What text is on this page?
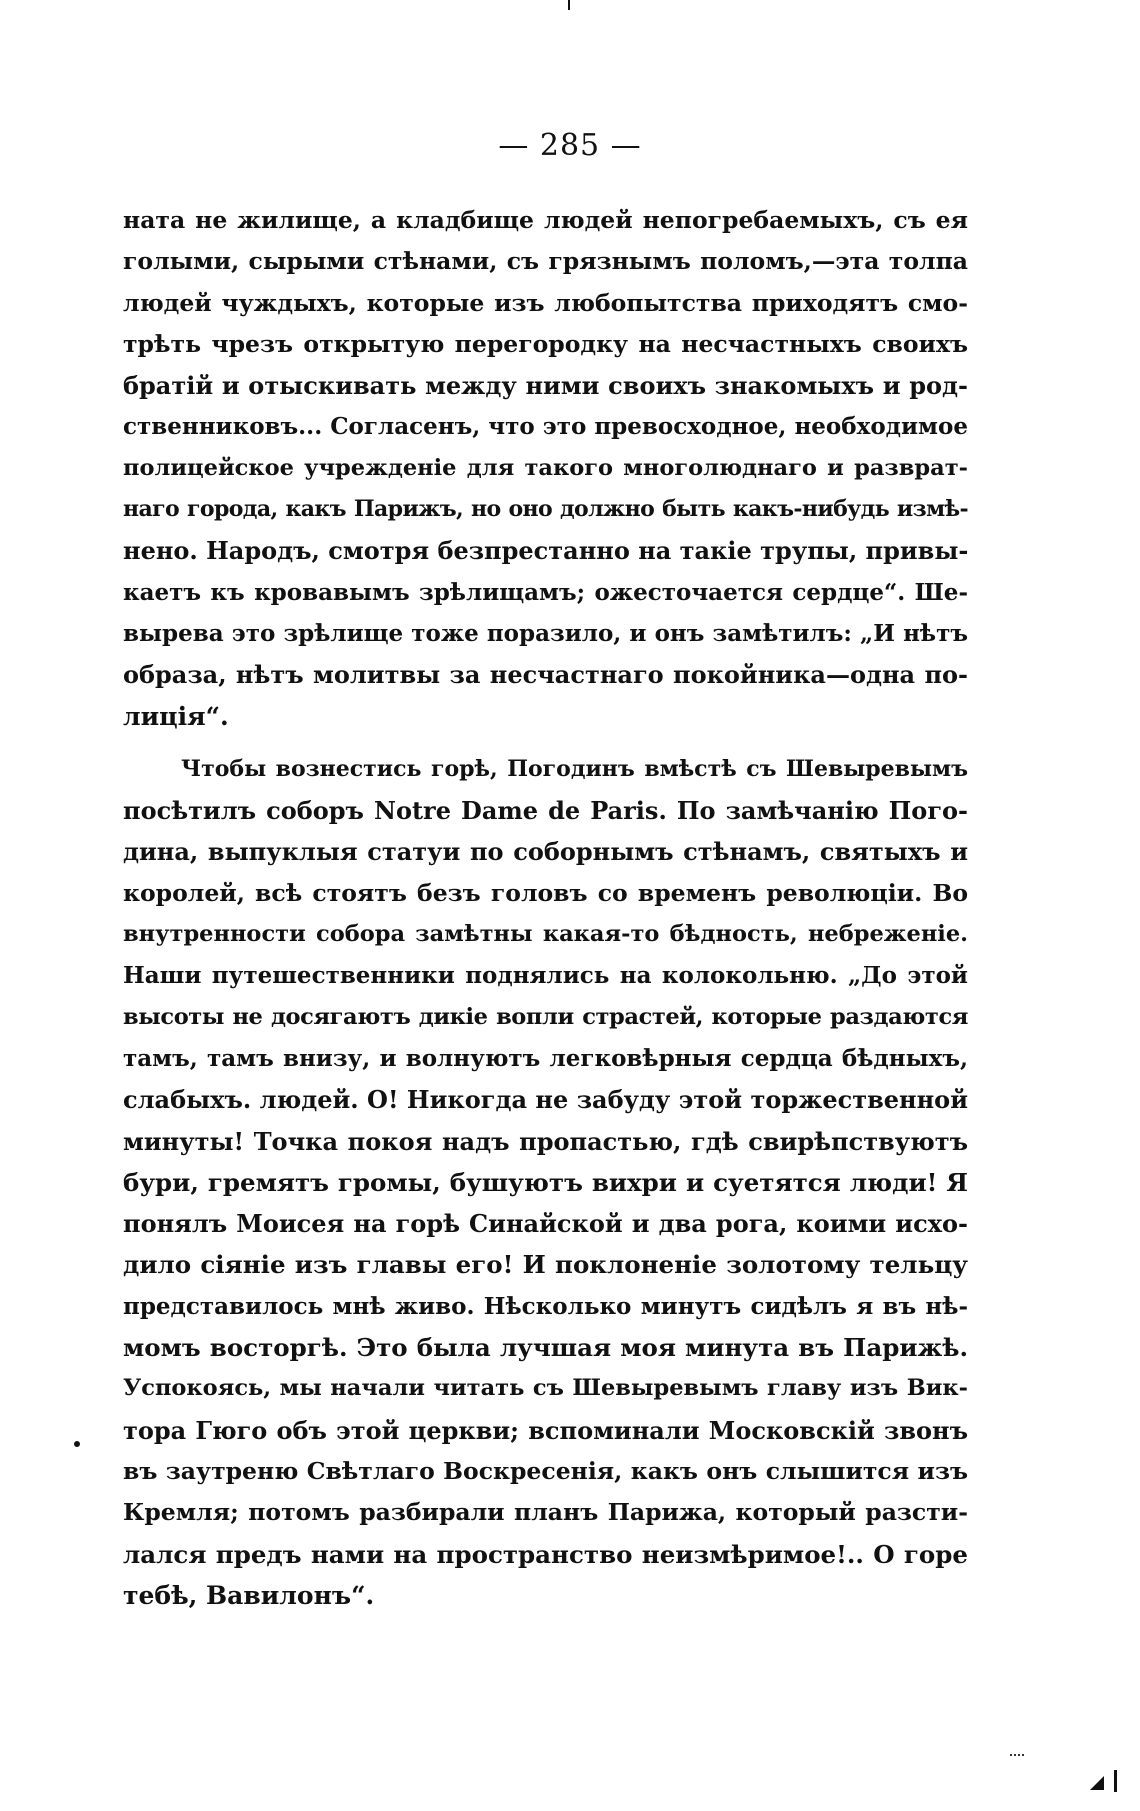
— 285 —
ната не жилище, а кладбище людей непогребаемыхъ, съ ея
голыми, сырыми стѣнами, съ грязнымъ поломъ,—эта толпа
людей чуждыхъ, которые изъ любопытства приходятъ смо-
трѣть чрезъ открытую перегородку на несчастныхъ своихъ
братій и отыскивать между ними своихъ знакомыхъ и род-
ственниковъ... Согласенъ, что это превосходное, необходимое
полицейское учрежденіе для такого многолюднаго и разврат-
наго города, какъ Парижъ, но оно должно быть какъ-нибудь измѣ-
нено. Народъ, смотря безпрестанно на такіе трупы, привы-
каетъ къ кровавымъ зрѣлищамъ; ожесточается сердце“. Ше-
вырева это зрѣлище тоже поразило, и онъ замѣтилъ: „И нѣтъ
образа, нѣтъ молитвы за несчастнаго покойника—одна по-
лиція“.
Чтобы вознестись горѣ, Погодинъ вмѣстѣ съ Шевыревымъ
посѣтилъ соборъ Notre Dame de Paris. По замѣчанію Пого-
дина, выпуклыя статуи по соборнымъ стѣнамъ, святыхъ и
королей, всѣ стоятъ безъ головъ со временъ революціи. Во
внутренности собора замѣтны какая-то бѣдность, небреженіе.
Наши путешественники поднялись на колокольню. „До этой
высоты не досягаютъ дикіе вопли страстей, которые раздаются
тамъ, тамъ внизу, и волнуютъ легковѣрныя сердца бѣдныхъ,
слабыхъ. людей. О! Никогда не забуду этой торжественной
минуты! Точка покоя надъ пропастью, гдѣ свирѣпствуютъ
бури, гремятъ громы, бушуютъ вихри и суетятся люди! Я
понялъ Моисея на горѣ Синайской и два рога, коими исхо-
дило сіяніе изъ главы его! И поклоненіе золотому тельцу
представилось мнѣ живо. Нѣсколько минутъ сидѣлъ я въ нѣ-
момъ восторгѣ. Это была лучшая моя минута въ Парижѣ.
Успокоясь, мы начали читать съ Шевыревымъ главу изъ Вик-
тора Гюго объ этой церкви; вспоминали Московскій звонъ
въ заутреню Свѣтлаго Воскресенія, какъ онъ слышится изъ
Кремля; потомъ разбирали планъ Парижа, который разсти-
лался предъ нами на пространство неизмѣримое!.. О горе
тебѣ, Вавилонъ“.
